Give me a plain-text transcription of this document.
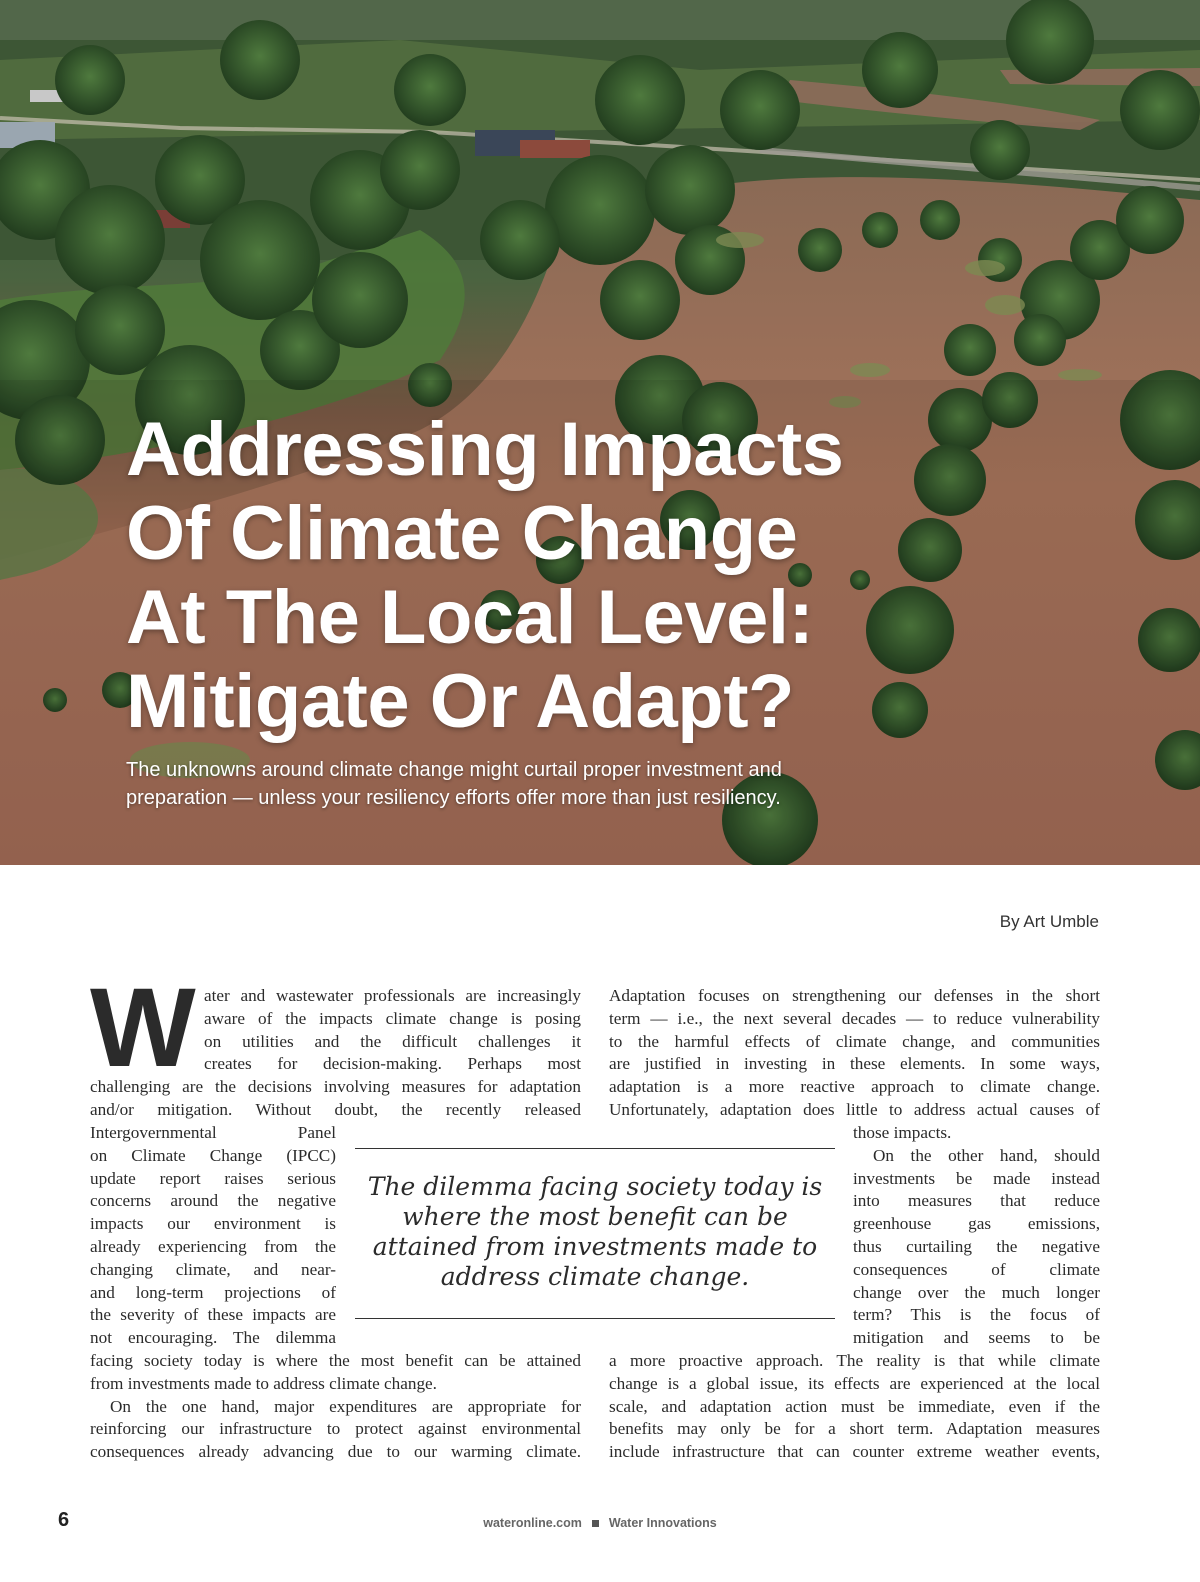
Addressing Impacts
Of Climate Change
At The Local Level:
Mitigate Or Adapt?
The unknowns around climate change might curtail proper investment and
preparation — unless your resiliency efforts offer more than just resiliency.
By Art Umble
W ater and wastewater professionals are increasingly
aware of the impacts climate change is posing
on utilities and the difficult challenges it
creates for decision-making. Perhaps most
challenging are the decisions involving measures for adaptation
and/or mitigation. Without doubt, the recently released
Intergovernmental Panel
on Climate Change (IPCC)
update report raises serious
concerns around the negative
impacts our environment is
already experiencing from the
changing climate, and near-
and long-term projections of
the severity of these impacts are
not encouraging. The dilemma
facing society today is where the most benefit can be attained
from investments made to address climate change.
On the one hand, major expenditures are appropriate for
reinforcing our infrastructure to protect against environmental
consequences already advancing due to our warming climate.
The dilemma facing society today is
where the most benefit can be
attained from investments made to
address climate change.
Adaptation focuses on strengthening our defenses in the short
term — i.e., the next several decades — to reduce vulnerability
to the harmful effects of climate change, and communities
are justified in investing in these elements. In some ways,
adaptation is a more reactive approach to climate change.
Unfortunately, adaptation does little to address actual causes of
those impacts.
On the other hand, should
investments be made instead
into measures that reduce
greenhouse gas emissions,
thus curtailing the negative
consequences of climate
change over the much longer
term? This is the focus of
mitigation and seems to be
a more proactive approach. The reality is that while climate
change is a global issue, its effects are experienced at the local
scale, and adaptation action must be immediate, even if the
benefits may only be for a short term. Adaptation measures
include infrastructure that can counter extreme weather events,
6	wateronline.com Water Innovations
